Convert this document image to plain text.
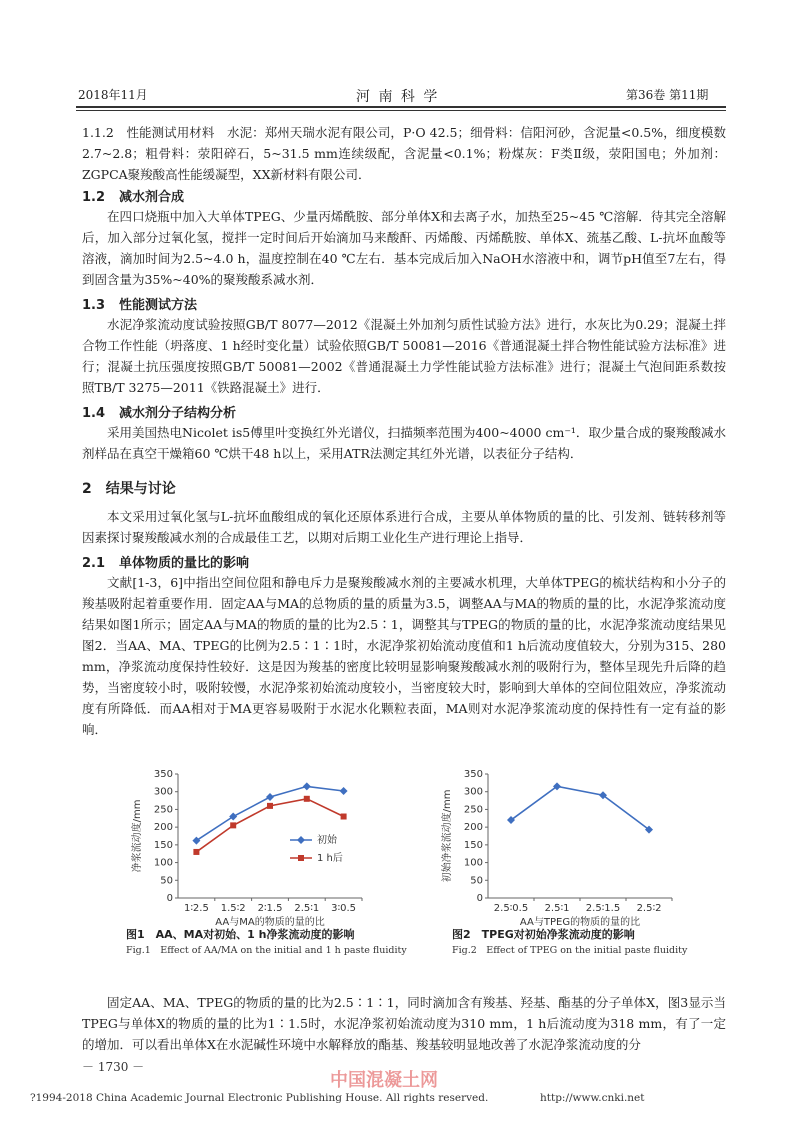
2018年11月	河 南 科 学	第36卷 第11期

1.1.2　性能测试用材料　 水泥：郑州天瑞水泥有限公司，P·O 42.5；细骨料：信阳河砂，含泥量<0.5%，细度模数2.7~2.8；粗骨料：荥阳碎石，5~31.5 mm连续级配，含泥量<0.1%；粉煤灰：F类Ⅱ级，荥阳国电；外加剂：ZGPCA聚羧酸高性能缓凝型，XX新材料有限公司．

1.2 减水剂合成

在四口烧瓶中加入大单体TPEG、少量丙烯酰胺、部分单体X和去离子水，加热至25~45 ℃溶解．待其完全溶解后，加入部分过氧化氢，搅拌一定时间后开始滴加马来酸酐、丙烯酸、丙烯酰胺、单体X、巯基乙酸、L-抗坏血酸等溶液，滴加时间为2.5~4.0 h，温度控制在40 ℃左右．基本完成后加入NaOH水溶液中和，调节pH值至7左右，得到固含量为35%~40%的聚羧酸系减水剂．

1.3 性能测试方法

水泥净浆流动度试验按照GB/T 8077—2012《混凝土外加剂匀质性试验方法》进行，水灰比为0.29；混凝土拌合物工作性能（坍落度、1 h经时变化量）试验依照GB/T 50081—2016《普通混凝土拌合物性能试验方法标准》进行；混凝土抗压强度按照GB/T 50081—2002《普通混凝土力学性能试验方法标准》进行；混凝土气泡间距系数按照TB/T 3275—2011《铁路混凝土》进行．

1.4 减水剂分子结构分析

采用美国热电Nicolet is5傅里叶变换红外光谱仪，扫描频率范围为400~4000 cm⁻¹．取少量合成的聚羧酸减水剂样品在真空干燥箱60 ℃烘干48 h以上，采用ATR法测定其红外光谱，以表征分子结构．

2 结果与讨论

本文采用过氧化氢与L-抗坏血酸组成的氧化还原体系进行合成，主要从单体物质的量的比、引发剂、链转移剂等因素探讨聚羧酸减水剂的合成最佳工艺，以期对后期工业化生产进行理论上指导．

2.1 单体物质的量比的影响

文献[1-3，6]中指出空间位阻和静电斥力是聚羧酸减水剂的主要减水机理，大单体TPEG的梳状结构和小分子的羧基吸附起着重要作用．固定AA与MA的总物质的量的质量为3.5，调整AA与MA的物质的量的比，水泥净浆流动度结果如图1所示；固定AA与MA的物质的量的比为2.5∶1，调整其与TPEG的物质的量的比，水泥净浆流动度结果见图2．当AA、MA、TPEG的比例为2.5∶1∶1时，水泥净浆初始流动度值和1 h后流动度值较大，分别为315、280 mm，净浆流动度保持性较好．这是因为羧基的密度比较明显影响聚羧酸减水剂的吸附行为，整体呈现先升后降的趋势，当密度较小时，吸附较慢，水泥净浆初始流动度较小，当密度较大时，影响到大单体的空间位阻效应，净浆流动度有所降低．而AA相对于MA更容易吸附于水泥水化颗粒表面，MA则对水泥净浆流动度的保持性有一定有益的影响．

0
50
100
150
200
250
300
350
1∶2.5 1.5∶2 2∶1.5 2.5∶1 3∶0.5
AA与MA的物质的量的比
净浆流动度/mm	初始
1 h后
图1　AA、MA对初始、1 h净浆流动度的影响
Fig.1　Effect of AA/MA on the initial and 1 h paste fluidity
0
50
100
150
200
250
300
350
2.5∶0.5 2.5∶1 2.5∶1.5 2.5∶2
AA与TPEG的物质的量的比
初始净浆流动度/mm
图2　TPEG对初始净浆流动度的影响
Fig.2　Effect of TPEG on the initial paste fluidity

固定AA、MA、TPEG的物质的量的比为2.5∶1∶1，同时滴加含有羧基、羟基、酯基的分子单体X，图3显示当TPEG与单体X的物质的量的比为1∶1.5时，水泥净浆初始流动度为310 mm，1 h后流动度为318 mm，有了一定的增加．可以看出单体X在水泥碱性环境中水解释放的酯基、羧基较明显地改善了水泥净浆流动度的分

－ 1730 －
中国混凝土网
?1994-2018 China Academic Journal Electronic Publishing House. All rights reserved.	http://www.cnki.net
